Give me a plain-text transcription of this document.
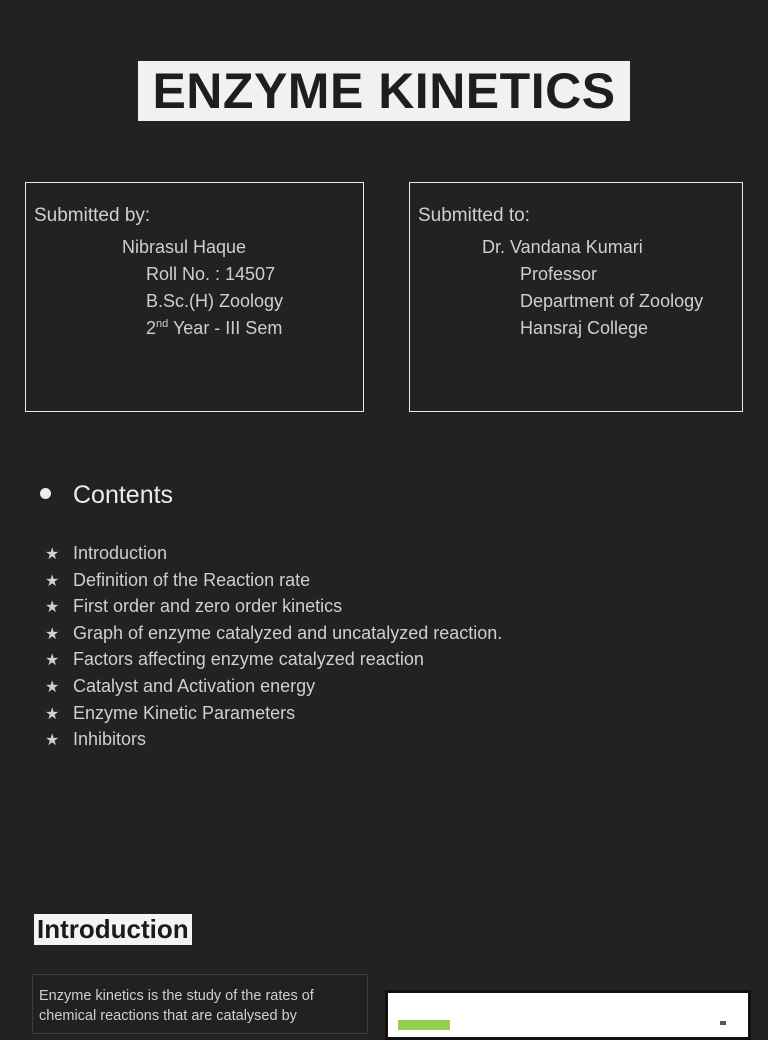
ENZYME KINETICS
Submitted by:
Nibrasul Haque
Roll No. : 14507
B.Sc.(H) Zoology
2nd Year - III Sem
Submitted to:
Dr. Vandana Kumari
Professor
Department of Zoology
Hansraj College
Contents
★ Introduction
★ Definition of the Reaction rate
★ First order and zero order kinetics
★ Graph of enzyme catalyzed and uncatalyzed reaction.
★ Factors affecting enzyme catalyzed reaction
★ Catalyst and Activation energy
★ Enzyme Kinetic Parameters
★ Inhibitors
Introduction
Enzyme kinetics is the study of the rates of chemical reactions that are catalysed by
